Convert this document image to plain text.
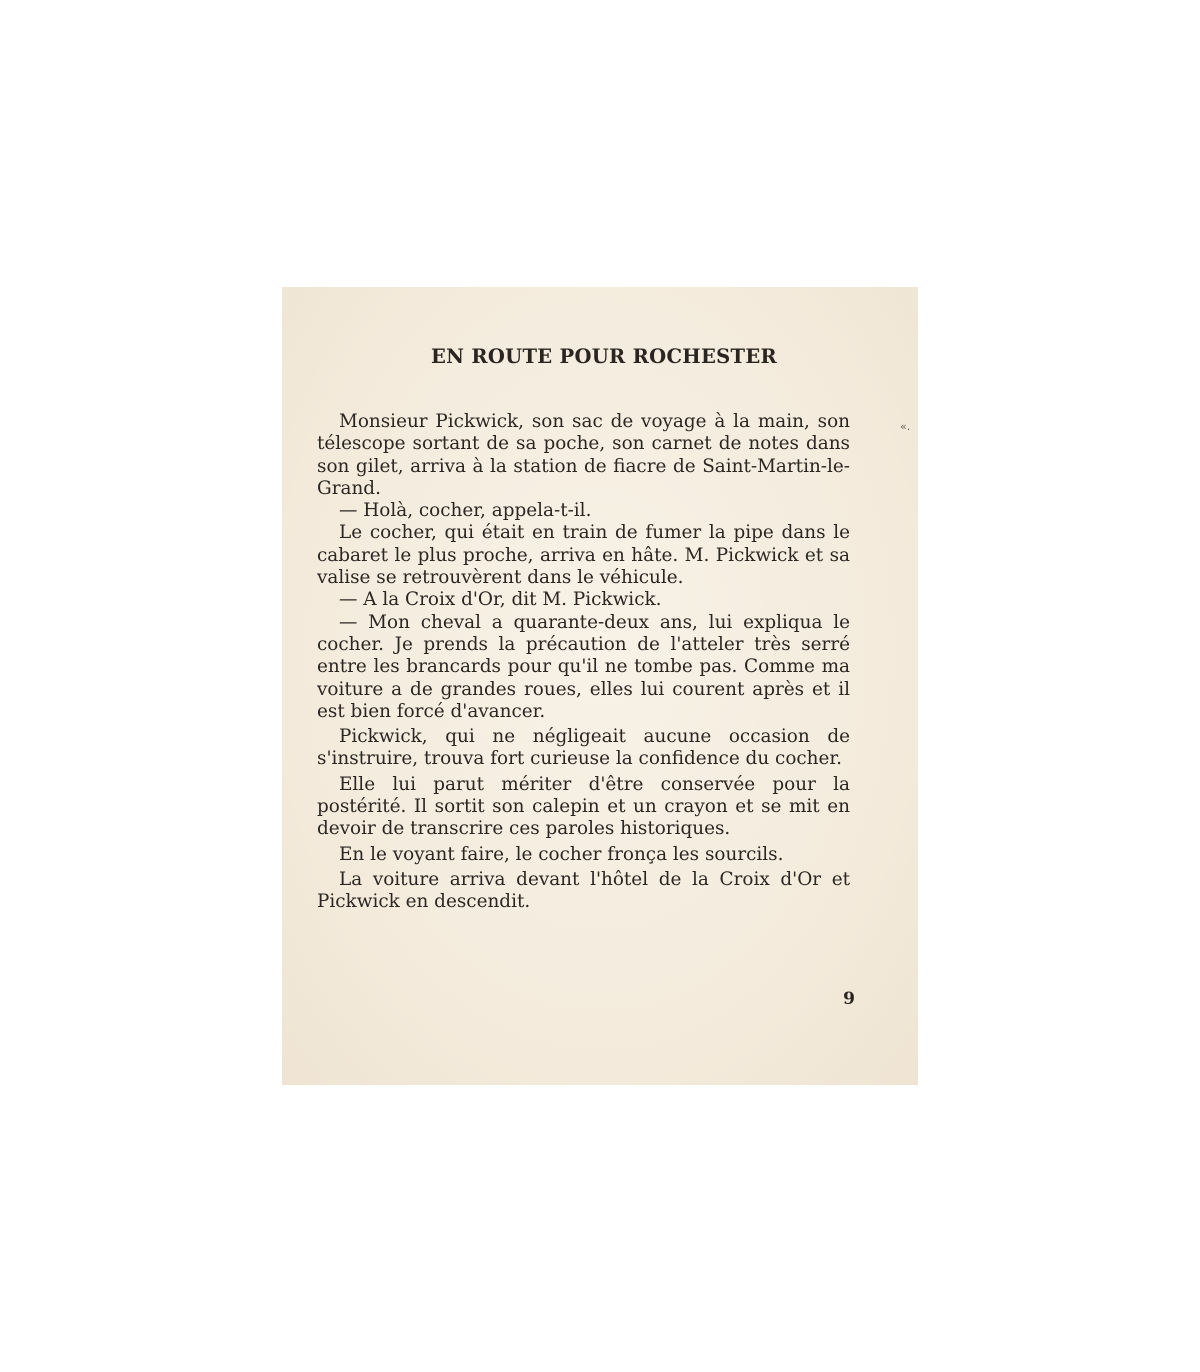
EN ROUTE POUR ROCHESTER

Monsieur Pickwick, son sac de voyage à la main, son télescope sortant de sa poche, son carnet de notes dans son gilet, arriva à la station de fiacre de Saint-Martin-le-Grand.

— Holà, cocher, appela-t-il.

Le cocher, qui était en train de fumer la pipe dans le cabaret le plus proche, arriva en hâte. M. Pickwick et sa valise se retrouvèrent dans le véhicule.

— A la Croix d'Or, dit M. Pickwick.

— Mon cheval a quarante-deux ans, lui expliqua le cocher. Je prends la précaution de l'atteler très serré entre les brancards pour qu'il ne tombe pas. Comme ma voiture a de grandes roues, elles lui courent après et il est bien forcé d'avancer.

Pickwick, qui ne négligeait aucune occasion de s'instruire, trouva fort curieuse la confidence du cocher.

Elle lui parut mériter d'être conservée pour la postérité. Il sortit son calepin et un crayon et se mit en devoir de transcrire ces paroles historiques.

En le voyant faire, le cocher fronça les sourcils.

La voiture arriva devant l'hôtel de la Croix d'Or et Pickwick en descendit.

9
«.
